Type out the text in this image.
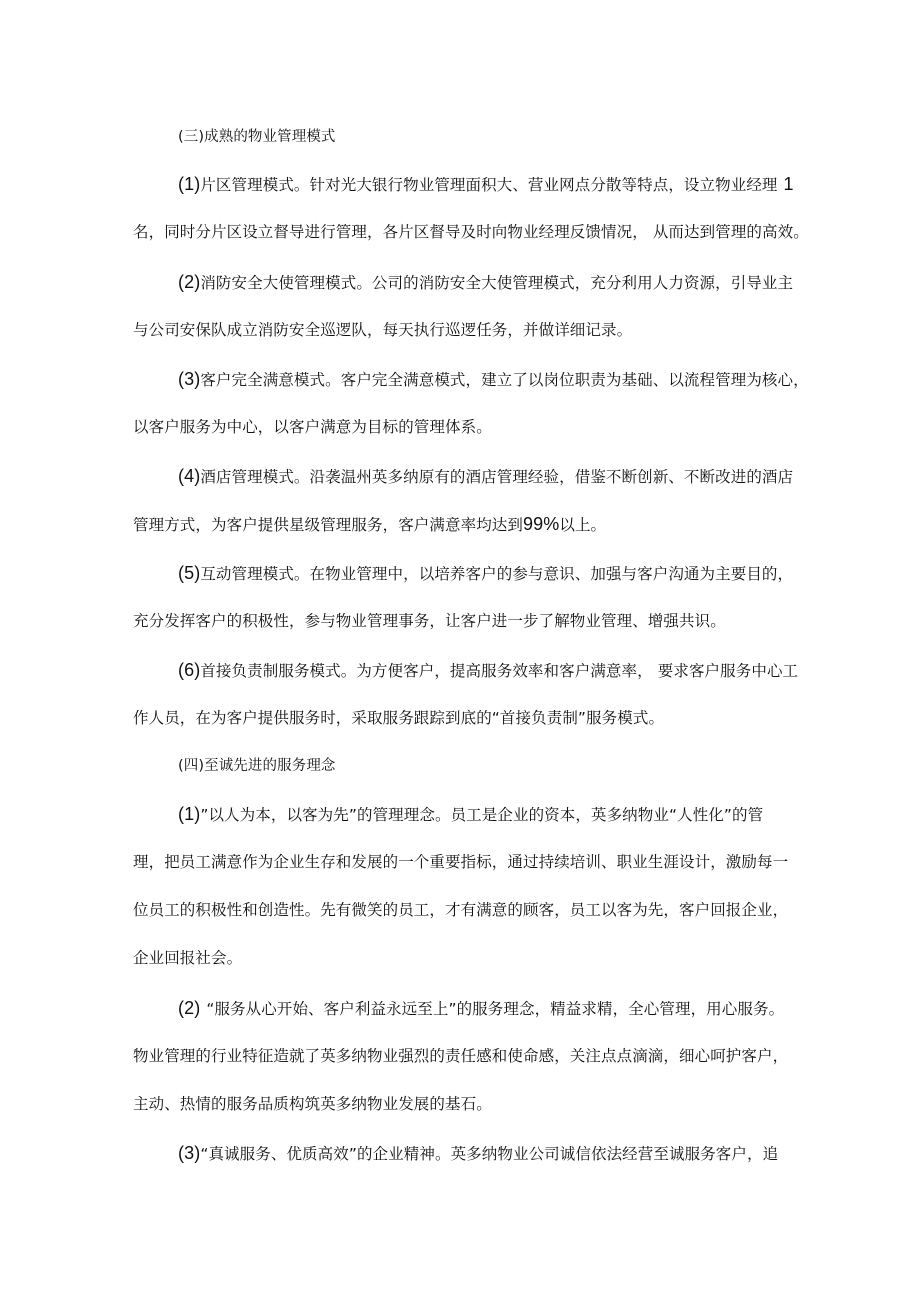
(三)成熟的物业管理模式
(1)片区管理模式。针对光大银行物业管理面积大、营业网点分散等特点，设立物业经理 1
名，同时分片区设立督导进行管理，各片区督导及时向物业经理反馈情况， 从而达到管理的高效。
(2)消防安全大使管理模式。公司的消防安全大使管理模式，充分利用人力资源，引导业主
与公司安保队成立消防安全巡逻队，每天执行巡逻任务，并做详细记录。
(3)客户完全满意模式。客户完全满意模式，建立了以岗位职责为基础、以流程管理为核心，
以客户服务为中心，以客户满意为目标的管理体系。
(4)酒店管理模式。沿袭温州英多纳原有的酒店管理经验，借鉴不断创新、不断改进的酒店
管理方式，为客户提供星级管理服务，客户满意率均达到99%以上。
(5)互动管理模式。在物业管理中，以培养客户的参与意识、加强与客户沟通为主要目的，
充分发挥客户的积极性，参与物业管理事务，让客户进一步了解物业管理、增强共识。
(6)首接负责制服务模式。为方便客户，提高服务效率和客户满意率， 要求客户服务中心工
作人员，在为客户提供服务时，采取服务跟踪到底的“首接负责制”服务模式。
(四)至诚先进的服务理念
(1)”以人为本，以客为先”的管理理念。员工是企业的资本，英多纳物业“人性化”的管
理，把员工满意作为企业生存和发展的一个重要指标，通过持续培训、职业生涯设计，激励每一
位员工的积极性和创造性。先有微笑的员工，才有满意的顾客，员工以客为先，客户回报企业，
企业回报社会。
(2) “服务从心开始、客户利益永远至上”的服务理念，精益求精，全心管理，用心服务。
物业管理的行业特征造就了英多纳物业强烈的责任感和使命感，关注点点滴滴，细心呵护客户，
主动、热情的服务品质构筑英多纳物业发展的基石。
(3)“真诚服务、优质高效”的企业精神。英多纳物业公司诚信依法经营至诚服务客户，追
